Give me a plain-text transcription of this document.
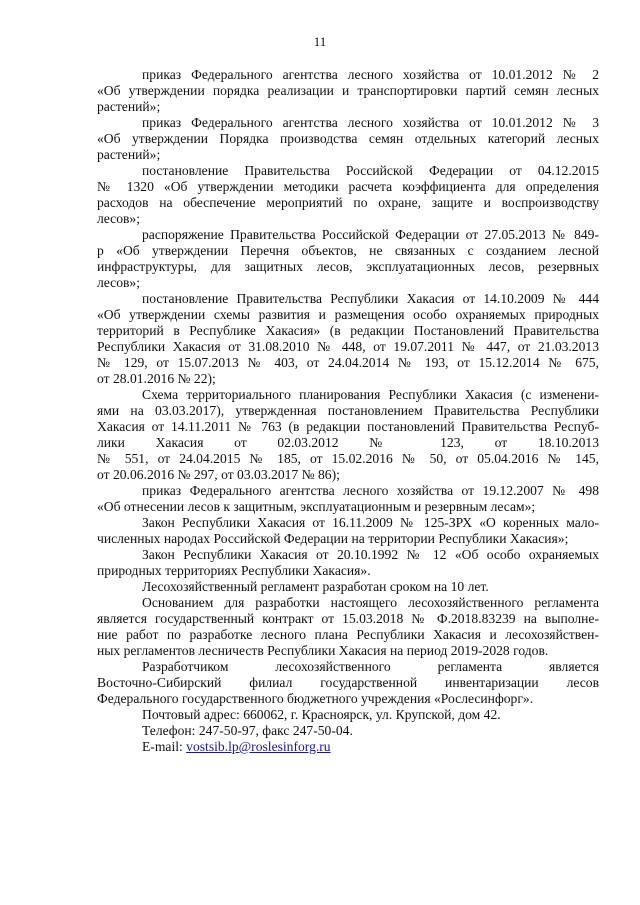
11
приказ Федерального агентства лесного хозяйства от 10.01.2012 № 2
«Об утверждении порядка реализации и транспортировки партий семян лесных
растений»;
приказ Федерального агентства лесного хозяйства от 10.01.2012 № 3
«Об утверждении Порядка производства семян отдельных категорий лесных
растений»;
постановление Правительства Российской Федерации от 04.12.2015
№ 1320 «Об утверждении методики расчета коэффициента для определения
расходов на обеспечение мероприятий по охране, защите и воспроизводству
лесов»;
распоряжение Правительства Российской Федерации от 27.05.2013 № 849-
р «Об утверждении Перечня объектов, не связанных с созданием лесной
инфраструктуры, для защитных лесов, эксплуатационных лесов, резервных
лесов»;
постановление Правительства Республики Хакасия от 14.10.2009 № 444
«Об утверждении схемы развития и размещения особо охраняемых природных
территорий в Республике Хакасия» (в редакции Постановлений Правительства
Республики Хакасия от 31.08.2010 № 448, от 19.07.2011 № 447, от 21.03.2013
№ 129, от 15.07.2013 № 403, от 24.04.2014 № 193, от 15.12.2014 № 675,
от 28.01.2016 № 22);
Схема территориального планирования Республики Хакасия (с изменени-
ями на 03.03.2017), утвержденная постановлением Правительства Республики
Хакасия от 14.11.2011 № 763 (в редакции постановлений Правительства Респуб-
лики Хакасия от 02.03.2012 № 123, от 18.10.2013
№ 551, от 24.04.2015 № 185, от 15.02.2016 № 50, от 05.04.2016 № 145,
от 20.06.2016 № 297, от 03.03.2017 № 86);
приказ Федерального агентства лесного хозяйства от 19.12.2007 № 498
«Об отнесении лесов к защитным, эксплуатационным и резервным лесам»;
Закон Республики Хакасия от 16.11.2009 № 125-ЗРХ «О коренных мало-
численных народах Российской Федерации на территории Республики Хакасия»;
Закон Республики Хакасия от 20.10.1992 № 12 «Об особо охраняемых
природных территориях Республики Хакасия».
Лесохозяйственный регламент разработан сроком на 10 лет.
Основанием для разработки настоящего лесохозяйственного регламента
является государственный контракт от 15.03.2018 № Ф.2018.83239 на выполне-
ние работ по разработке лесного плана Республики Хакасия и лесохозяйствен-
ных регламентов лесничеств Республики Хакасия на период 2019-2028 годов.
Разработчиком лесохозяйственного регламента является
Восточно-Сибирский филиал государственной инвентаризации лесов
Федерального государственного бюджетного учреждения «Рослесинфорг».
Почтовый адрес: 660062, г. Красноярск, ул. Крупской, дом 42.
Телефон: 247-50-97, факс 247-50-04.
E-mail: vostsib.lp@roslesinforg.ru
